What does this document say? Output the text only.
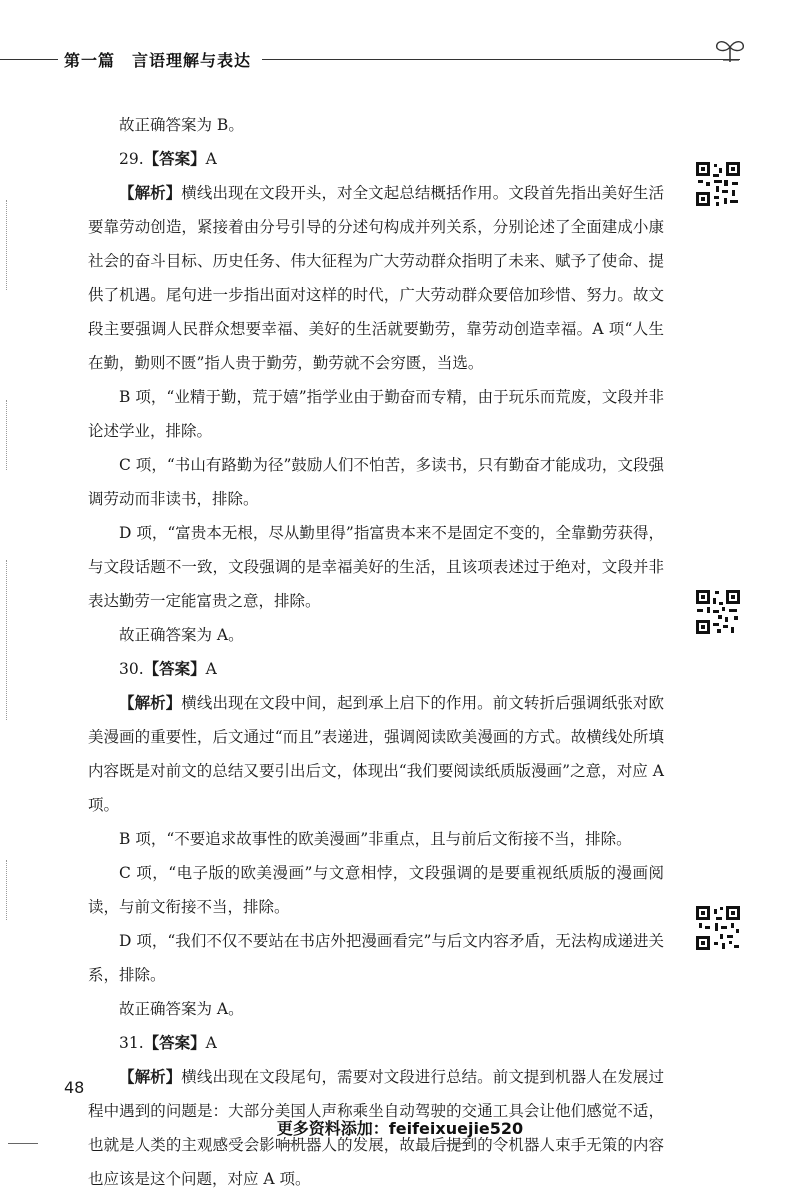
第一篇　言语理解与表达

故正确答案为 B。

29.【答案】A

【解析】横线出现在文段开头，对全文起总结概括作用。文段首先指出美好生活要靠劳动创造，紧接着由分号引导的分述句构成并列关系，分别论述了全面建成小康社会的奋斗目标、历史任务、伟大征程为广大劳动群众指明了未来、赋予了使命、提供了机遇。尾句进一步指出面对这样的时代，广大劳动群众要倍加珍惜、努力。故文段主要强调人民群众想要幸福、美好的生活就要勤劳，靠劳动创造幸福。A 项“人生在勤，勤则不匮”指人贵于勤劳，勤劳就不会穷匮，当选。

B 项，“业精于勤，荒于嬉”指学业由于勤奋而专精，由于玩乐而荒废，文段并非论述学业，排除。

C 项，“书山有路勤为径”鼓励人们不怕苦，多读书，只有勤奋才能成功，文段强调劳动而非读书，排除。

D 项，“富贵本无根，尽从勤里得”指富贵本来不是固定不变的，全靠勤劳获得，与文段话题不一致，文段强调的是幸福美好的生活，且该项表述过于绝对，文段并非表达勤劳一定能富贵之意，排除。

故正确答案为 A。

30.【答案】A

【解析】横线出现在文段中间，起到承上启下的作用。前文转折后强调纸张对欧美漫画的重要性，后文通过“而且”表递进，强调阅读欧美漫画的方式。故横线处所填内容既是对前文的总结又要引出后文，体现出“我们要阅读纸质版漫画”之意，对应 A 项。

B 项，“不要追求故事性的欧美漫画”非重点，且与前后文衔接不当，排除。

C 项，“电子版的欧美漫画”与文意相悖，文段强调的是要重视纸质版的漫画阅读，与前文衔接不当，排除。

D 项，“我们不仅不要站在书店外把漫画看完”与后文内容矛盾，无法构成递进关系，排除。

故正确答案为 A。

31.【答案】A

【解析】横线出现在文段尾句，需要对文段进行总结。前文提到机器人在发展过程中遇到的问题是：大部分美国人声称乘坐自动驾驶的交通工具会让他们感觉不适，也就是人类的主观感受会影响机器人的发展，故最后提到的令机器人束手无策的内容也应该是这个问题，对应 A 项。

48
更多资料添加：feifeixuejie520
